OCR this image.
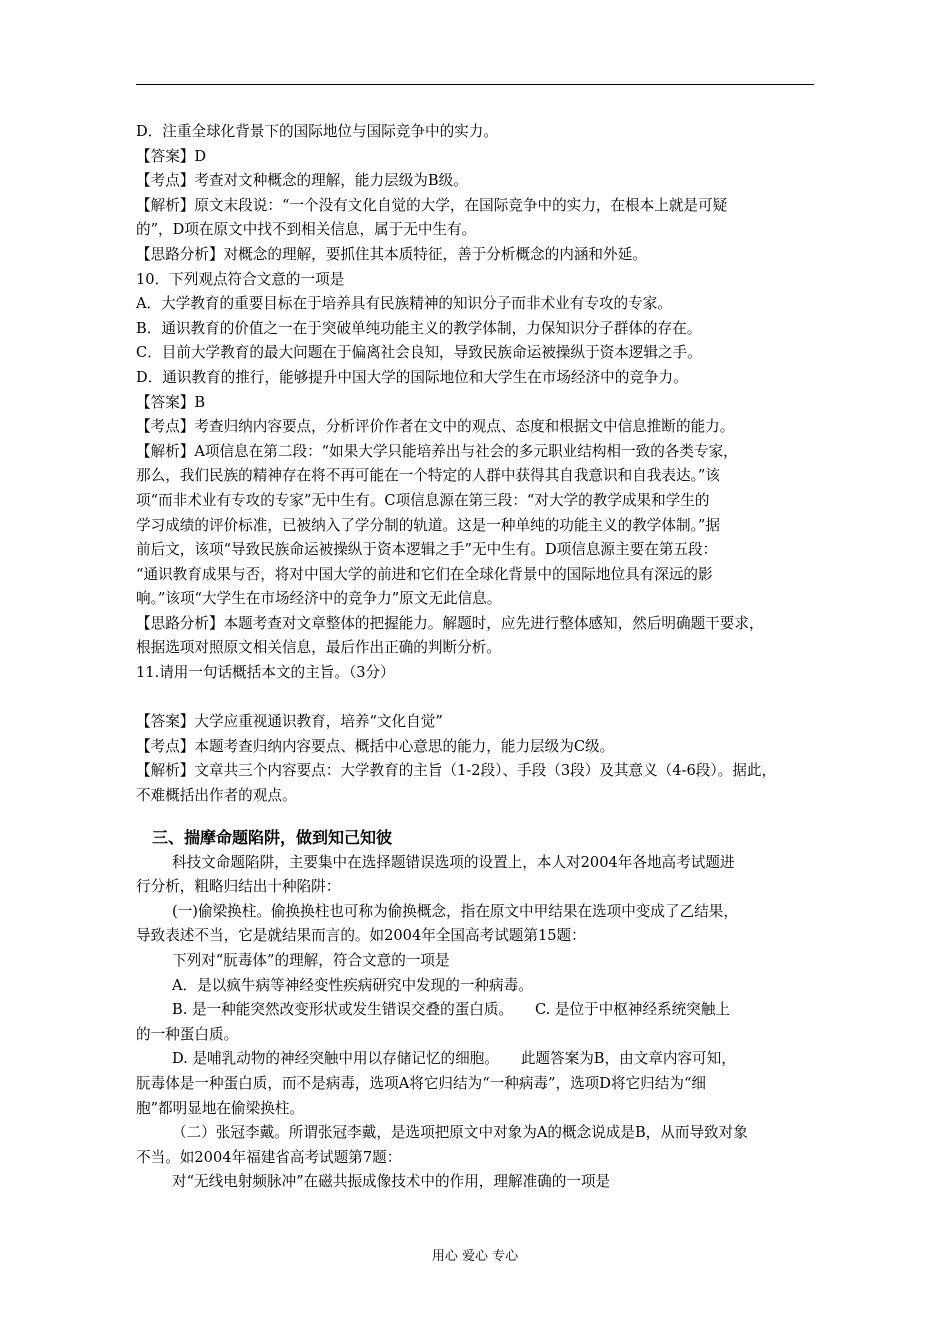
D．注重全球化背景下的国际地位与国际竞争中的实力。

【答案】D

【考点】考查对文种概念的理解，能力层级为B级。

【解析】原文末段说：“一个没有文化自觉的大学，在国际竞争中的实力，在根本上就是可疑

的”，D项在原文中找不到相关信息，属于无中生有。

【思路分析】对概念的理解，要抓住其本质特征，善于分析概念的内涵和外延。

10．下列观点符合文意的一项是

A．大学教育的重要目标在于培养具有民族精神的知识分子而非术业有专攻的专家。

B．通识教育的价值之一在于突破单纯功能主义的教学体制，力保知识分子群体的存在。

C．目前大学教育的最大问题在于偏离社会良知，导致民族命运被操纵于资本逻辑之手。

D．通识教育的推行，能够提升中国大学的国际地位和大学生在市场经济中的竞争力。

【答案】B

【考点】考查归纳内容要点，分析评价作者在文中的观点、态度和根据文中信息推断的能力。

【解析】A项信息在第二段：“如果大学只能培养出与社会的多元职业结构相一致的各类专家，

那么，我们民族的精神存在将不再可能在一个特定的人群中获得其自我意识和自我表达。”该

项“而非术业有专攻的专家”无中生有。C项信息源在第三段：“对大学的教学成果和学生的

学习成绩的评价标准，已被纳入了学分制的轨道。这是一种单纯的功能主义的教学体制。”据

前后文，该项“导致民族命运被操纵于资本逻辑之手”无中生有。D项信息源主要在第五段：

“通识教育成果与否，将对中国大学的前进和它们在全球化背景中的国际地位具有深远的影

响。”该项“大学生在市场经济中的竞争力”原文无此信息。

【思路分析】本题考查对文章整体的把握能力。解题时，应先进行整体感知，然后明确题干要求，

根据选项对照原文相关信息，最后作出正确的判断分析。

11.请用一句话概括本文的主旨。（3分）

【答案】大学应重视通识教育，培养“文化自觉”

【考点】本题考查归纳内容要点、概括中心意思的能力，能力层级为C级。

【解析】文章共三个内容要点：大学教育的主旨（1-2段）、手段（3段）及其意义（4-6段）。据此，

不难概括出作者的观点。

三、揣摩命题陷阱，做到知己知彼

科技文命题陷阱，主要集中在选择题错误选项的设置上，本人对2004年各地高考试题进

行分析，粗略归结出十种陷阱：

(一)偷梁换柱。偷换换柱也可称为偷换概念，指在原文中甲结果在选项中变成了乙结果，

导致表述不当，它是就结果而言的。如2004年全国高考试题第15题：

下列对“朊毒体”的理解，符合文意的一项是

A．是以疯牛病等神经变性疾病研究中发现的一种病毒。

B. 是一种能突然改变形状或发生错误交叠的蛋白质。　　C. 是位于中枢神经系统突触上

的一种蛋白质。

D. 是哺乳动物的神经突触中用以存储记忆的细胞。　　此题答案为B，由文章内容可知，

朊毒体是一种蛋白质，而不是病毒，选项A将它归结为“一种病毒”，选项D将它归结为“细

胞”都明显地在偷梁换柱。

（二）张冠李戴。所谓张冠李戴，是选项把原文中对象为A的概念说成是B，从而导致对象

不当。如2004年福建省高考试题第7题：

对“无线电射频脉冲”在磁共振成像技术中的作用，理解准确的一项是

用心 爱心 专心
